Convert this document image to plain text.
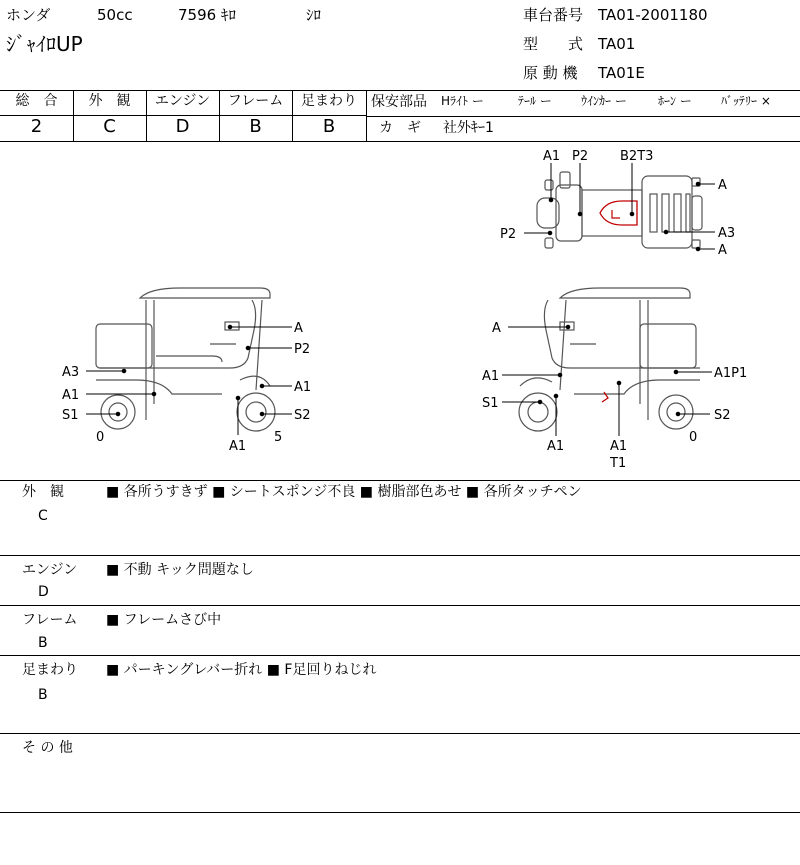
ホンダ	50cc	7596 ｷﾛ	ｼﾛ
ｼﾞｬｲﾛUP
車台番号 TA01-2001180
型　　式 TA01
原 動 機 TA01E
総　合	外　観	エンジン	フレーム	足まわり
2	C	D	B	B
保安部品 Hﾗｲﾄ ー	ﾃｰﾙ ー ｳｲﾝｶｰ ー	ﾎｰﾝ ー ﾊﾞｯﾃﾘｰ ×
カ　ギ 社外ｷｰ1
A1 P2 B2T3
A
P2	A3
A
A
P2
A3
A1
A1
S1	S2
0
A1
5
A
A1P1
A1
S1
S2
0
A1	A1
T1
外　観
C
■ 各所うすきず ■ シートスポンジ不良 ■ 樹脂部色あせ ■ 各所タッチペン
エンジン
D
■ 不動 キック問題なし
フレーム
B
■ フレームさび中
足まわり
B
■ パーキングレバー折れ ■ F足回りねじれ
そ の 他
